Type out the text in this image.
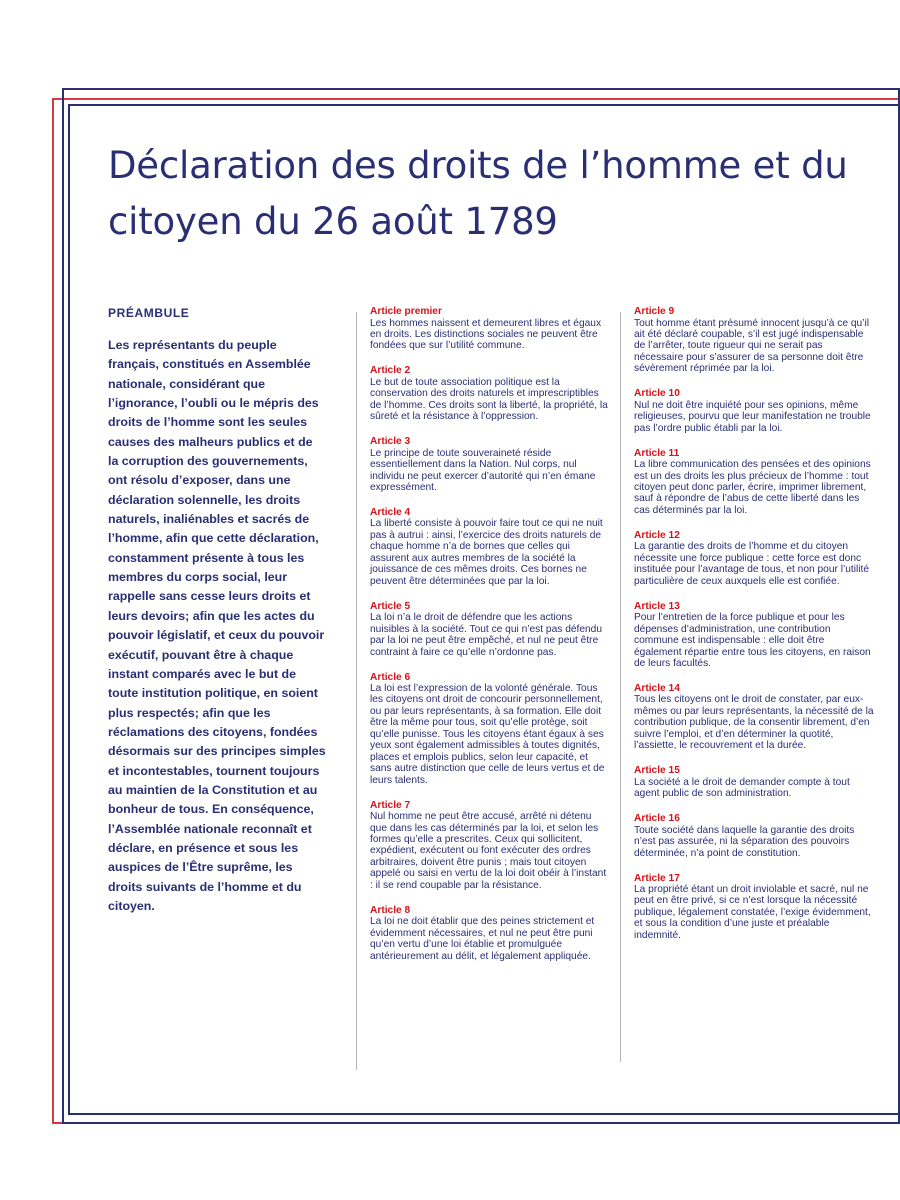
Déclaration des droits de l’homme et du citoyen du 26 août 1789
PRÉAMBULE

Les représentants du peuple français, constitués en Assemblée nationale, considérant que l’ignorance, l’oubli ou le mépris des droits de l’homme sont les seules causes des malheurs publics et de la corruption des gouvernements, ont résolu d’exposer, dans une déclaration solennelle, les droits naturels, inaliénables et sacrés de l’homme, afin que cette déclaration, constamment présente à tous les membres du corps social, leur rappelle sans cesse leurs droits et leurs devoirs; afin que les actes du pouvoir législatif, et ceux du pouvoir exécutif, pouvant être à chaque instant comparés avec le but de toute institution politique, en soient plus respectés; afin que les réclamations des citoyens, fondées désormais sur des principes simples et incontestables, tournent toujours au maintien de la Constitution et au bonheur de tous. En conséquence, l’Assemblée nationale reconnaît et déclare, en présence et sous les auspices de l’Être suprême, les droits suivants de l’homme et du citoyen.

Article premier

Les hommes naissent et demeurent libres et égaux en droits. Les distinctions sociales ne peuvent être fondées que sur l’utilité commune.

Article 2

Le but de toute association politique est la conservation des droits naturels et imprescriptibles de l’homme. Ces droits sont la liberté, la propriété, la sûreté et la résistance à l’oppression.

Article 3

Le principe de toute souveraineté réside essentiellement dans la Nation. Nul corps, nul individu ne peut exercer d’autorité qui n’en émane expressément.

Article 4

La liberté consiste à pouvoir faire tout ce qui ne nuit pas à autrui : ainsi, l’exercice des droits naturels de chaque homme n’a de bornes que celles qui assurent aux autres membres de la société la jouissance de ces mêmes droits. Ces bornes ne peuvent être déterminées que par la loi.

Article 5

La loi n’a le droit de défendre que les actions nuisibles à la société. Tout ce qui n’est pas défendu par la loi ne peut être empêché, et nul ne peut être contraint à faire ce qu’elle n’ordonne pas.

Article 6

La loi est l’expression de la volonté générale. Tous les citoyens ont droit de concourir personnellement, ou par leurs représentants, à sa formation. Elle doit être la même pour tous, soit qu’elle protège, soit qu’elle punisse. Tous les citoyens étant égaux à ses yeux sont également admissibles à toutes dignités, places et emplois publics, selon leur capacité, et sans autre distinction que celle de leurs vertus et de leurs talents.

Article 7

Nul homme ne peut être accusé, arrêté ni détenu que dans les cas déterminés par la loi, et selon les formes qu’elle a prescrites. Ceux qui sollicitent, expédient, exécutent ou font exécuter des ordres arbitraires, doivent être punis ; mais tout citoyen appelé ou saisi en vertu de la loi doit obéir à l’instant : il se rend coupable par la résistance.

Article 8

La loi ne doit établir que des peines strictement et évidemment nécessaires, et nul ne peut être puni qu’en vertu d’une loi établie et promulguée antérieurement au délit, et légalement appliquée.

Article 9

Tout homme étant présumé innocent jusqu’à ce qu’il ait été déclaré coupable, s’il est jugé indispensable de l’arrêter, toute rigueur qui ne serait pas nécessaire pour s’assurer de sa personne doit être sévèrement réprimée par la loi.

Article 10

Nul ne doit être inquiété pour ses opinions, même religieuses, pourvu que leur manifestation ne trouble pas l’ordre public établi par la loi.

Article 11

La libre communication des pensées et des opinions est un des droits les plus précieux de l’homme : tout citoyen peut donc parler, écrire, imprimer librement, sauf à répondre de l’abus de cette liberté dans les cas déterminés par la loi.

Article 12

La garantie des droits de l’homme et du citoyen nécessite une force publique : cette force est donc instituée pour l’avantage de tous, et non pour l’utilité particulière de ceux auxquels elle est confiée.

Article 13

Pour l’entretien de la force publique et pour les dépenses d’administration, une contribution commune est indispensable : elle doit être également répartie entre tous les citoyens, en raison de leurs facultés.

Article 14

Tous les citoyens ont le droit de constater, par eux-mêmes ou par leurs représentants, la nécessité de la contribution publique, de la consentir librement, d’en suivre l’emploi, et d’en déterminer la quotité, l’assiette, le recouvrement et la durée.

Article 15

La société a le droit de demander compte à tout agent public de son administration.

Article 16

Toute société dans laquelle la garantie des droits n’est pas assurée, ni la séparation des pouvoirs déterminée, n’a point de constitution.

Article 17

La propriété étant un droit inviolable et sacré, nul ne peut en être privé, si ce n’est lorsque la nécessité publique, légalement constatée, l’exige évidemment, et sous la condition d’une juste et préalable indemnité.
